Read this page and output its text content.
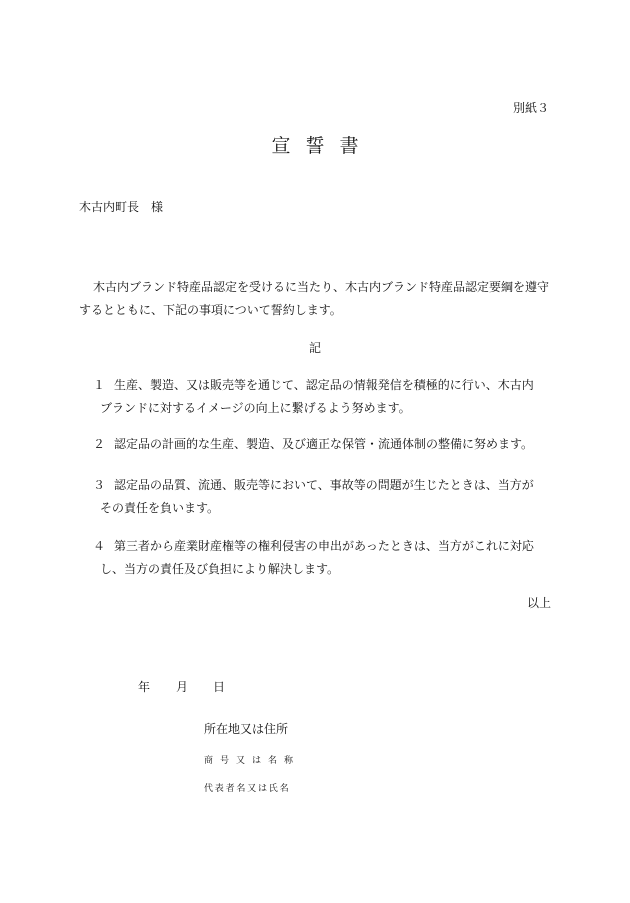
別紙３
宣誓書
木古内町長　様
木古内ブランド特産品認定を受けるに当たり、木古内ブランド特産品認定要綱を遵守
するとともに、下記の事項について誓約します。
記
１ 生産、製造、又は販売等を通じて、認定品の情報発信を積極的に行い、木古内
ブランドに対するイメージの向上に繋げるよう努めます。
２ 認定品の計画的な生産、製造、及び適正な保管・流通体制の整備に努めます。
３ 認定品の品質、流通、販売等において、事故等の問題が生じたときは、当方が
その責任を負います。
４ 第三者から産業財産権等の権利侵害の申出があったときは、当方がこれに対応
し、当方の責任及び負担により解決します。
以上
年 月 日
所在地又は住所
商号又は名称
代表者名又は氏名
